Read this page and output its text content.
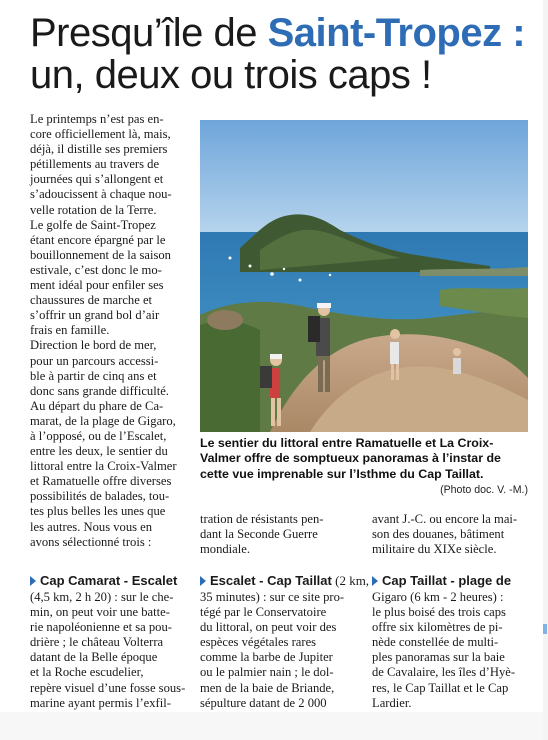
Presqu’île de Saint-Tropez :
un, deux ou trois caps !
Le printemps n’est pas en-
core officiellement là, mais,
déjà, il distille ses premiers
pétillements au travers de
journées qui s’allongent et
s’adoucissent à chaque nou-
velle rotation de la Terre.
Le golfe de Saint-Tropez
étant encore épargné par le
bouillonnement de la saison
estivale, c’est donc le mo-
ment idéal pour enfiler ses
chaussures de marche et
s’offrir un grand bol d’air
frais en famille.
Direction le bord de mer,
pour un parcours accessi-
ble à partir de cinq ans et
donc sans grande difficulté.
Au départ du phare de Ca-
marat, de la plage de Gigaro,
à l’opposé, ou de l’Escalet,
entre les deux, le sentier du
littoral entre la Croix-Valmer
et Ramatuelle offre diverses
possibilités de balades, tou-
tes plus belles les unes que
les autres. Nous vous en
avons sélectionné trois :
Le sentier du littoral entre Ramatuelle et La Croix-Valmer offre de somptueux panoramas à l’instar de cette vue imprenable sur l’Isthme du Cap Taillat.
(Photo doc. V. -M.)
tration de résistants pen-
dant la Seconde Guerre
mondiale.
avant J.-C. ou encore la mai-
son des douanes, bâtiment
militaire du XIXe siècle.
Cap Camarat - Escalet	Escalet - Cap Taillat (2 km, Cap Taillat - plage de
(4,5 km, 2 h 20) : sur le che-
min, on peut voir une batte-
rie napoléonienne et sa pou-
drière ; le château Volterra
datant de la Belle époque
et la Roche escudelier,
repère visuel d’une fosse sous-
marine ayant permis l’exfil-
35 minutes) : sur ce site pro-
tégé par le Conservatoire
du littoral, on peut voir des
espèces végétales rares
comme la barbe de Jupiter
ou le palmier nain ; le dol-
men de la baie de Briande,
sépulture datant de 2 000
Gigaro (6 km - 2 heures) :
le plus boisé des trois caps
offre six kilomètres de pi-
nède constellée de multi-
ples panoramas sur la baie
de Cavalaire, les îles d’Hyè-
res, le Cap Taillat et le Cap
Lardier.
